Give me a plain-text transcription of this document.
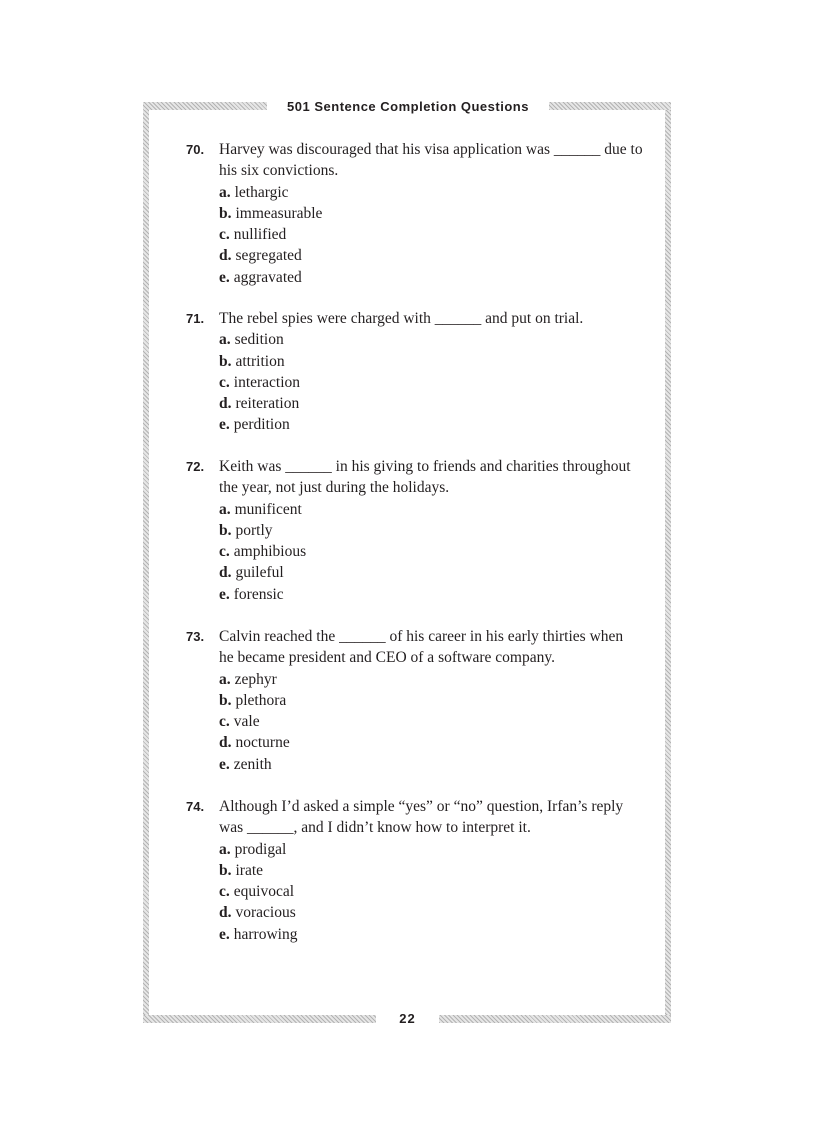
501 Sentence Completion Questions
70. Harvey was discouraged that his visa application was ______ due to
his six convictions.
a. lethargic
b. immeasurable
c. nullified
d. segregated
e. aggravated
71. The rebel spies were charged with ______ and put on trial.
a. sedition
b. attrition
c. interaction
d. reiteration
e. perdition
72. Keith was ______ in his giving to friends and charities throughout
the year, not just during the holidays.
a. munificent
b. portly
c. amphibious
d. guileful
e. forensic
73. Calvin reached the ______ of his career in his early thirties when
he became president and CEO of a software company.
a. zephyr
b. plethora
c. vale
d. nocturne
e. zenith
74. Although I’d asked a simple “yes” or “no” question, Irfan’s reply
was ______, and I didn’t know how to interpret it.
a. prodigal
b. irate
c. equivocal
d. voracious
e. harrowing
22
